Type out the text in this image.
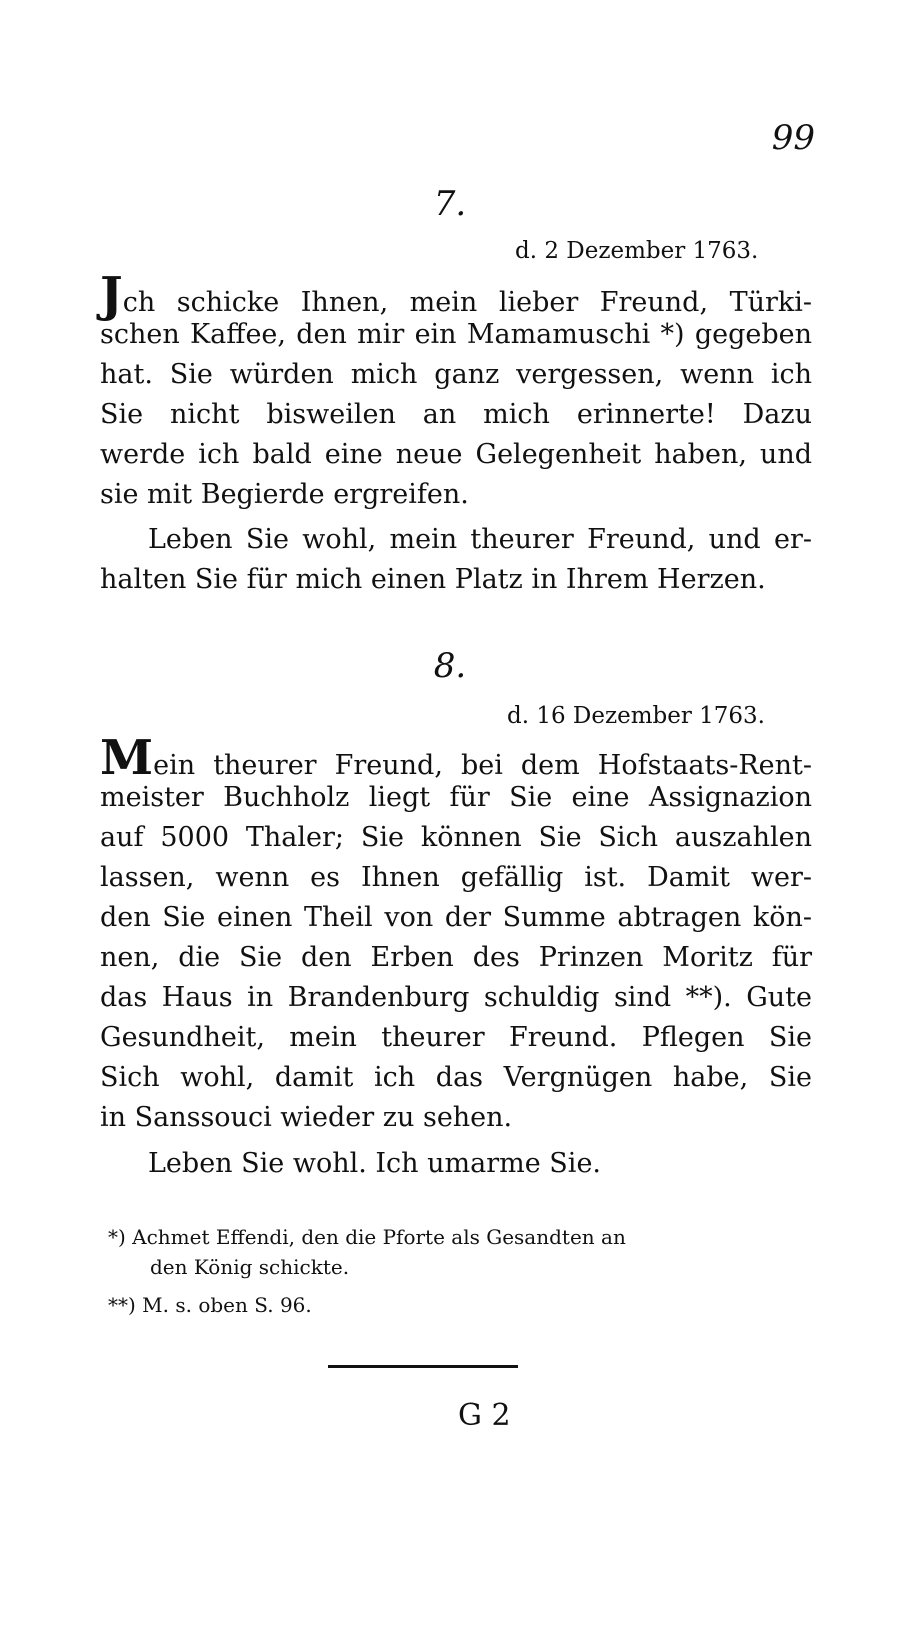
99
7.
d. 2 Dezember 1763.
Jch schicke Ihnen, mein lieber Freund, Türki-
schen Kaffee, den mir ein Mamamuschi *) gegeben
hat. Sie würden mich ganz vergessen, wenn ich
Sie nicht bisweilen an mich erinnerte! Dazu
werde ich bald eine neue Gelegenheit haben, und
sie mit Begierde ergreifen.
Leben Sie wohl, mein theurer Freund, und er-
halten Sie für mich einen Platz in Ihrem Herzen.
8.
d. 16 Dezember 1763.
Mein theurer Freund, bei dem Hofstaats-Rent-
meister Buchholz liegt für Sie eine Assignazion
auf 5000 Thaler; Sie können Sie Sich auszahlen
lassen, wenn es Ihnen gefällig ist. Damit wer-
den Sie einen Theil von der Summe abtragen kön-
nen, die Sie den Erben des Prinzen Moritz für
das Haus in Brandenburg schuldig sind **). Gute
Gesundheit, mein theurer Freund. Pflegen Sie
Sich wohl, damit ich das Vergnügen habe, Sie
in Sanssouci wieder zu sehen.
Leben Sie wohl. Ich umarme Sie.
*) Achmet Effendi, den die Pforte als Gesandten an
den König schickte.
**) M. s. oben S. 96.
G 2
